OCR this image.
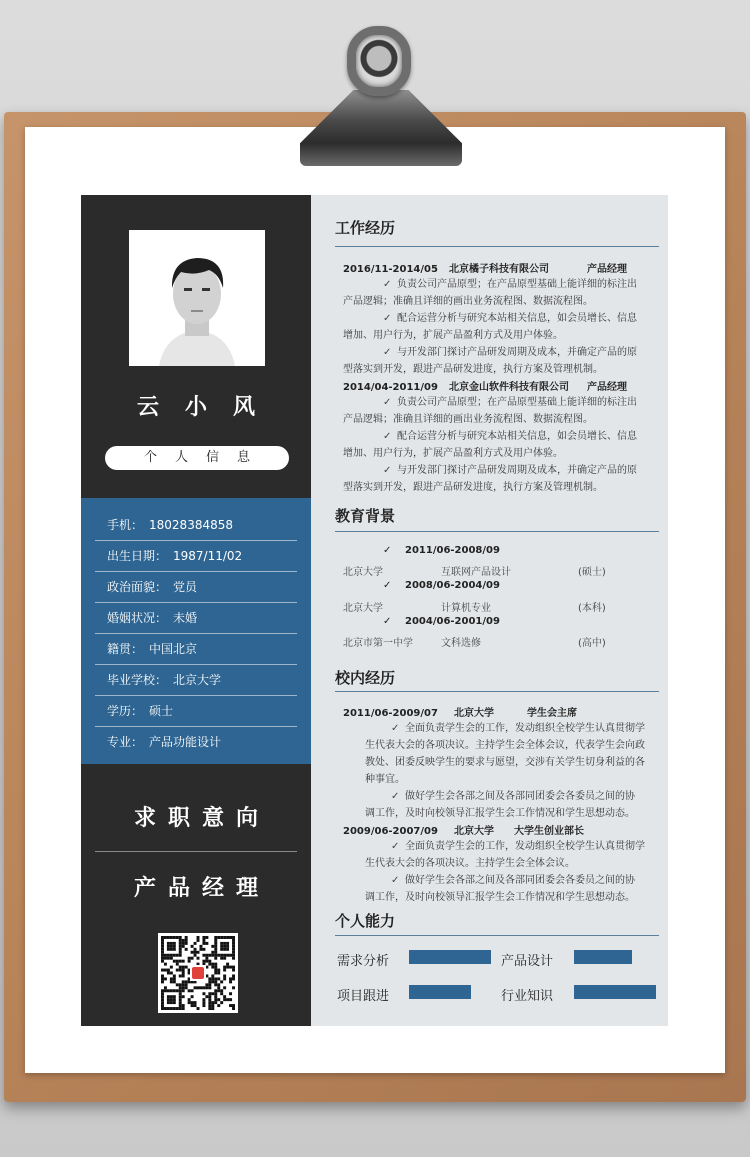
云小风
个人信息
手机： 18028384858
出生日期： 1987/11/02
政治面貌： 党员
婚姻状况： 未婚
籍贯： 中国北京
毕业学校： 北京大学
学历： 硕士
专业： 产品功能设计
求职意向
产品经理
工作经历
2016/11-2014/05 北京橘子科技有限公司	产品经理
✓ 负责公司产品原型；在产品原型基础上能详细的标注出
产品逻辑；准确且详细的画出业务流程图、数据流程图。
✓ 配合运营分析与研究本站相关信息，如会员增长、信息
增加、用户行为，扩展产品盈利方式及用户体验。
✓ 与开发部门探讨产品研发周期及成本，并确定产品的原
型落实到开发，跟进产品研发进度，执行方案及管理机制。
2014/04-2011/09 北京金山软件科技有限公司 产品经理
✓ 负责公司产品原型；在产品原型基础上能详细的标注出
产品逻辑；准确且详细的画出业务流程图、数据流程图。
✓ 配合运营分析与研究本站相关信息，如会员增长、信息
增加、用户行为，扩展产品盈利方式及用户体验。
✓ 与开发部门探讨产品研发周期及成本，并确定产品的原
型落实到开发，跟进产品研发进度，执行方案及管理机制。
教育背景
✓ 2011/06-2008/09
北京大学	互联网产品设计	(硕士)
✓ 2008/06-2004/09
北京大学	计算机专业	(本科)
✓ 2004/06-2001/09
北京市第一中学	文科选修	(高中)
校内经历
2011/06-2009/07 北京大学	学生会主席
✓ 全面负责学生会的工作，发动组织全校学生认真贯彻学
生代表大会的各项决议。主持学生会全体会议，代表学生会向政
教处、团委反映学生的要求与愿望，交涉有关学生切身利益的各
种事宜。
✓ 做好学生会各部之间及各部同团委会各委员之间的协
调工作，及时向校领导汇报学生会工作情况和学生思想动态。
2009/06-2007/09 北京大学 大学生创业部长
✓ 全面负责学生会的工作，发动组织全校学生认真贯彻学
生代表大会的各项决议。主持学生会全体会议。
✓ 做好学生会各部之间及各部同团委会各委员之间的协
调工作，及时向校领导汇报学生会工作情况和学生思想动态。
个人能力
需求分析	产品设计
项目跟进	行业知识
